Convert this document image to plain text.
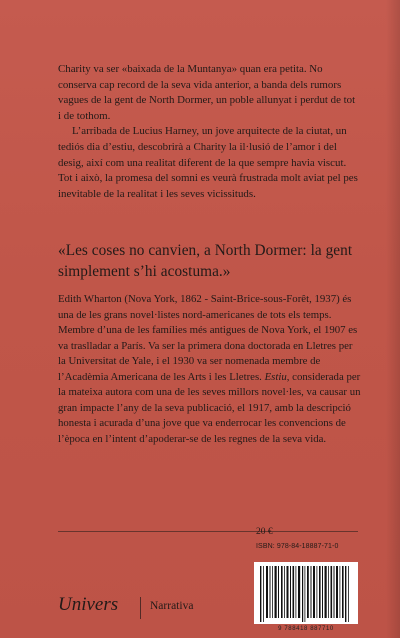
Charity va ser «baixada de la Muntanya» quan era petita. No conserva cap record de la seva vida anterior, a banda dels rumors vagues de la gent de North Dormer, un poble allunyat i perdut de tot i de tothom.

L’arribada de Lucius Harney, un jove arquitecte de la ciutat, un tediós dia d’estiu, descobrirà a Charity la il·lusió de l’amor i del desig, així com una realitat diferent de la que sempre havia viscut. Tot i això, la promesa del somni es veurà frustrada molt aviat pel pes inevitable de la realitat i les seves vicissituds.

«Les coses no canvien, a North Dormer: la gent simplement s’hi acostuma.»
Edith Wharton (Nova York, 1862 - Saint-Brice-sous-Forêt, 1937) és una de les grans novel·listes nord-americanes de tots els temps. Membre d’una de les famílies més antigues de Nova York, el 1907 es va traslladar a París. Va ser la primera dona doctorada en Lletres per la Universitat de Yale, i el 1930 va ser nomenada membre de l’Acadèmia Americana de les Arts i les Lletres. Estiu, considerada per la mateixa autora com una de les seves millors novel·les, va causar un gran impacte l’any de la seva publicació, el 1917, amb la descripció honesta i acurada d’una jove que va enderrocar les convencions de l’època en l’intent d’apoderar-se de les regnes de la seva vida.
20 €
ISBN: 978-84-18887-71-0
9 788418 887710
Univers	Narrativa
